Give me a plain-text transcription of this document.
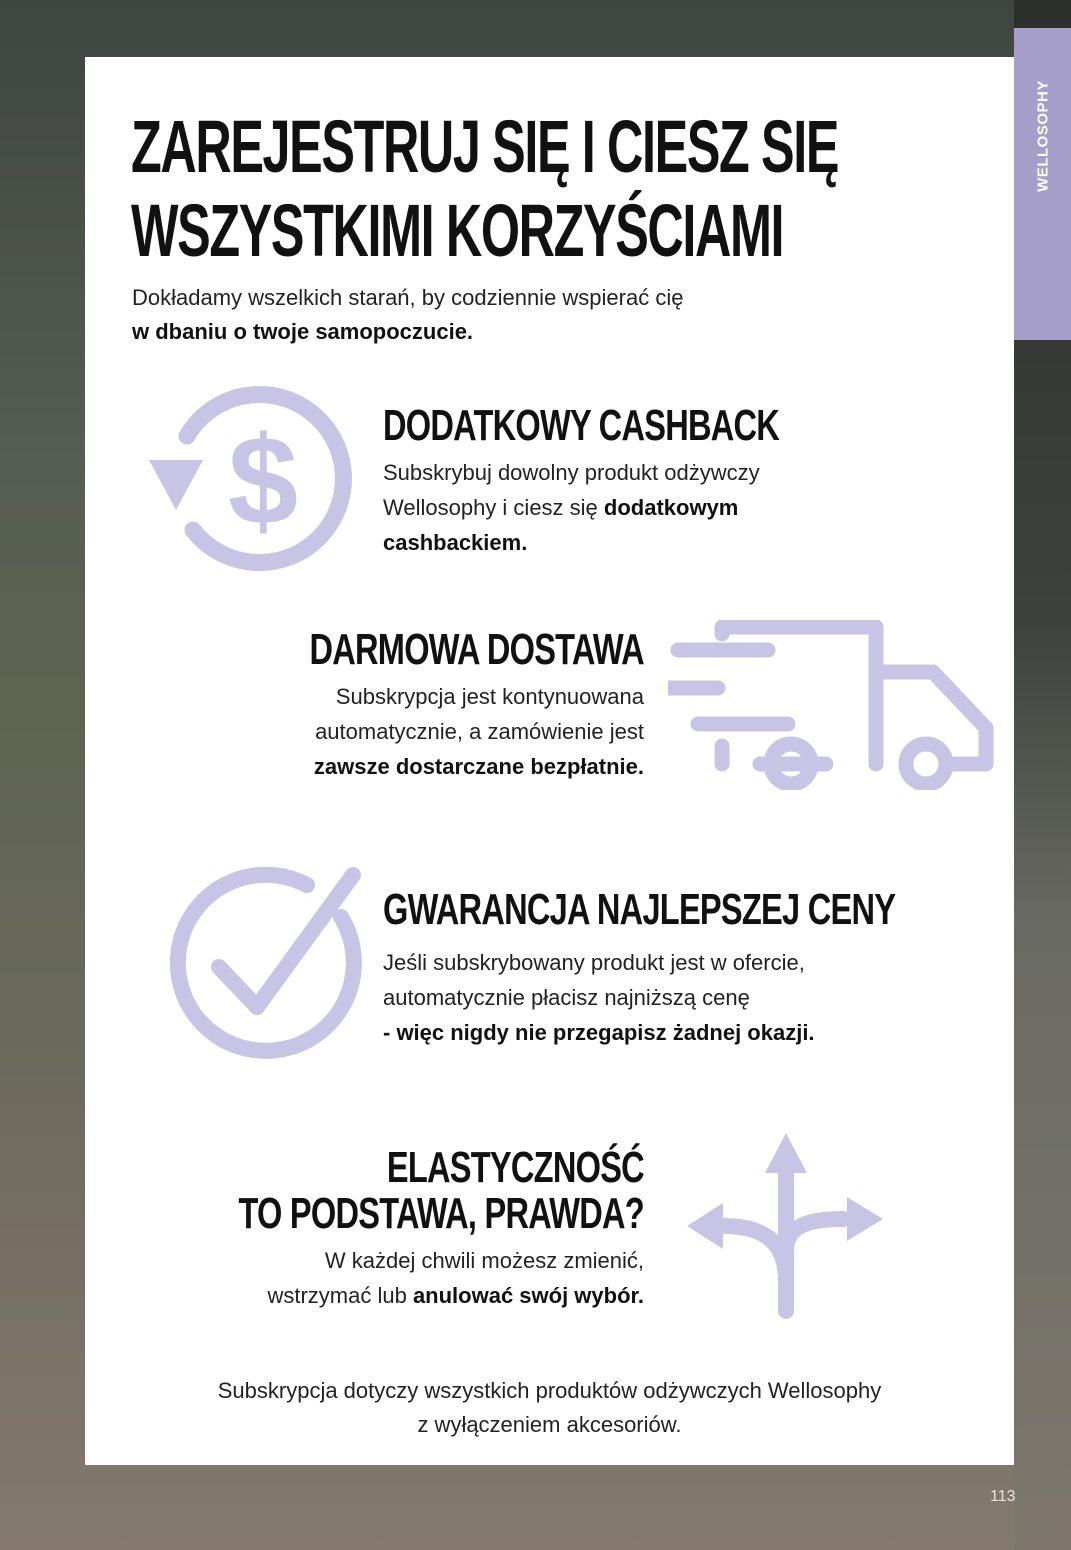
WELLOSOPHY
ZAREJESTRUJ SIĘ I CIESZ SIĘ
WSZYSTKIMI KORZYŚCIAMI

Dokładamy wszelkich starań, by codziennie wspierać cię
w dbaniu o twoje samopoczucie.

$ DODATKOWY CASHBACK

Subskrybuj dowolny produkt odżywczy
Wellosophy i ciesz się dodatkowym
cashbackiem.

DARMOWA DOSTAWA

Subskrypcja jest kontynuowana
automatycznie, a zamówienie jest
zawsze dostarczane bezpłatnie.

GWARANCJA NAJLEPSZEJ CENY

Jeśli subskrybowany produkt jest w ofercie,
automatycznie płacisz najniższą cenę
- więc nigdy nie przegapisz żadnej okazji.

ELASTYCZNOŚĆ
TO PODSTAWA, PRAWDA?

W każdej chwili możesz zmienić,
wstrzymać lub anulować swój wybór.

Subskrypcja dotyczy wszystkich produktów odżywczych Wellosophy
z wyłączeniem akcesoriów.

113
